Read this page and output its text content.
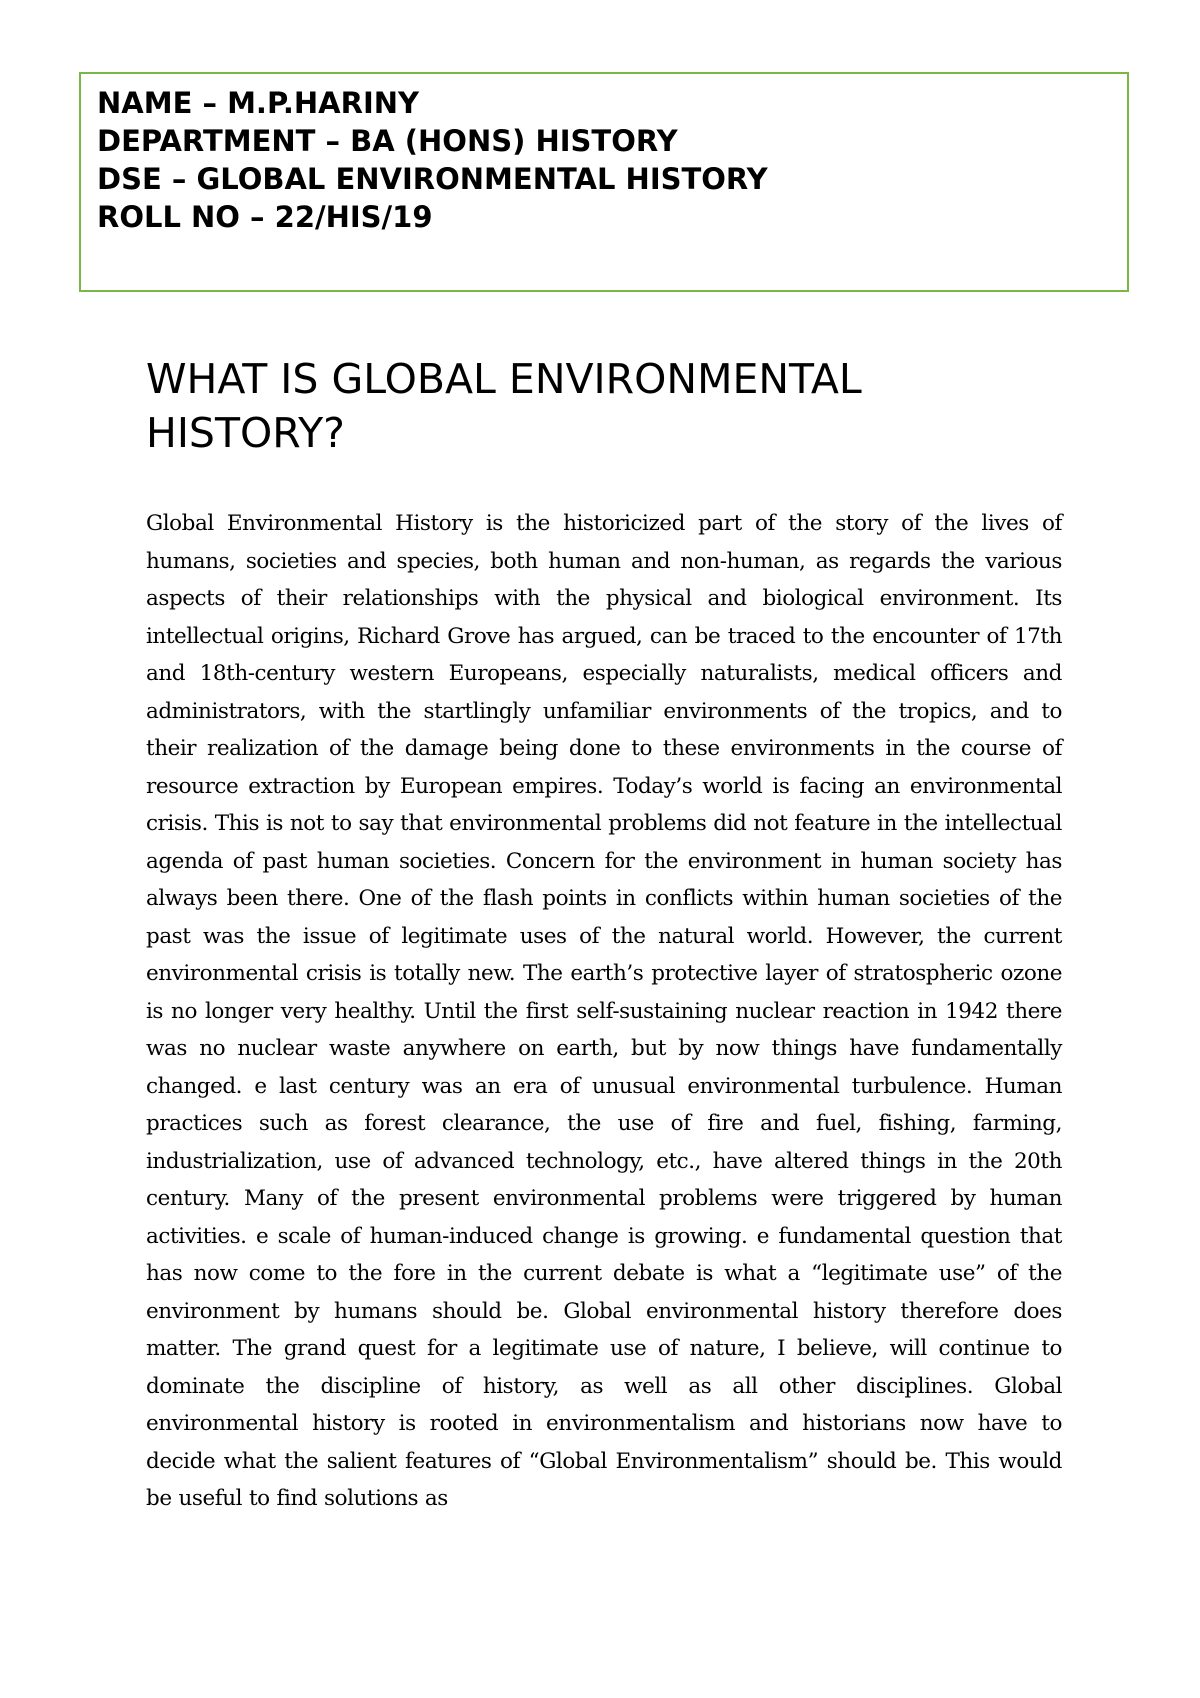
NAME – M.P.HARINY
DEPARTMENT – BA (HONS) HISTORY
DSE – GLOBAL ENVIRONMENTAL HISTORY
ROLL NO – 22/HIS/19
WHAT IS GLOBAL ENVIRONMENTAL HISTORY?

Global Environmental History is the historicized part of the story of the lives of humans, societies and species, both human and non-human, as regards the various aspects of their relationships with the physical and biological environment. Its intellectual origins, Richard Grove has argued, can be traced to the encounter of 17th and 18th-century western Europeans, especially naturalists, medical officers and administrators, with the startlingly unfamiliar environments of the tropics, and to their realization of the damage being done to these environments in the course of resource extraction by European empires. Today’s world is facing an environmental crisis. This is not to say that environmental problems did not feature in the intellectual agenda of past human societies. Concern for the environment in human society has always been there. One of the flash points in conflicts within human societies of the past was the issue of legitimate uses of the natural world. However, the current environmental crisis is totally new. The earth’s protective layer of stratospheric ozone is no longer very healthy. Until the first self-sustaining nuclear reaction in 1942 there was no nuclear waste anywhere on earth, but by now things have fundamentally changed. e last century was an era of unusual environmental turbulence. Human practices such as forest clearance, the use of fire and fuel, fishing, farming, industrialization, use of advanced technology, etc., have altered things in the 20th century. Many of the present environmental problems were triggered by human activities. e scale of human-induced change is growing. e fundamental question that has now come to the fore in the current debate is what a “legitimate use” of the environment by humans should be. Global environmental history therefore does matter. The grand quest for a legitimate use of nature, I believe, will continue to dominate the discipline of history, as well as all other disciplines. Global environmental history is rooted in environmentalism and historians now have to decide what the salient features of “Global Environmentalism” should be. This would be useful to find solutions as
